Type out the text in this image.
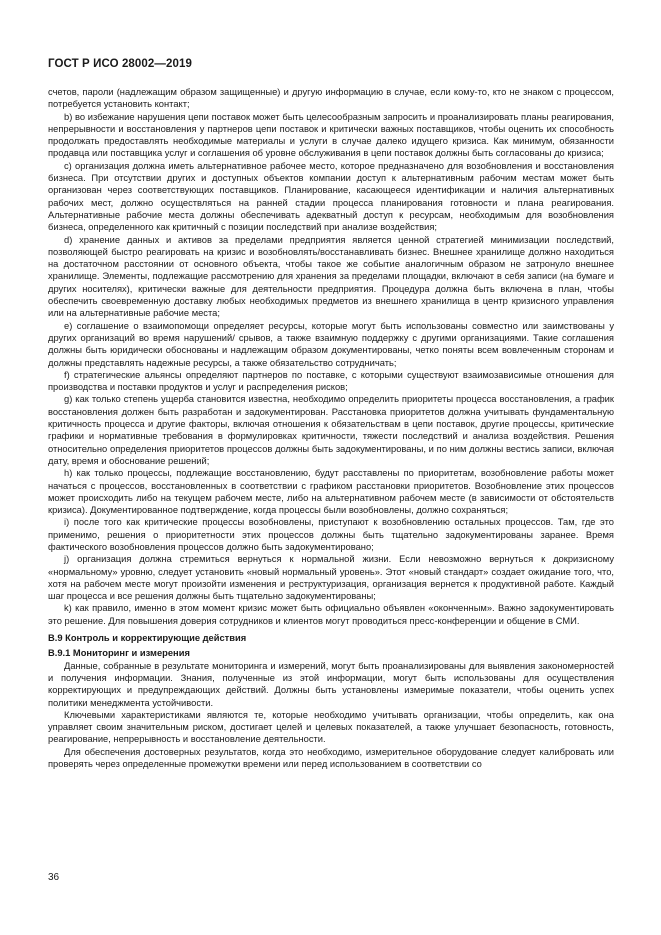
ГОСТ Р ИСО 28002—2019

счетов, пароли (надлежащим образом защищенные) и другую информацию в случае, если кому-то, кто не знаком с процессом, потребуется установить контакт;

b) во избежание нарушения цепи поставок может быть целесообразным запросить и проанализировать планы реагирования, непрерывности и восстановления у партнеров цепи поставок и критически важных поставщиков, чтобы оценить их способность продолжать предоставлять необходимые материалы и услуги в случае далеко идущего кризиса. Как минимум, обязанности продавца или поставщика услуг и соглашения об уровне обслуживания в цепи поставок должны быть согласованы до кризиса;

c) организация должна иметь альтернативное рабочее место, которое предназначено для возобновления и восстановления бизнеса. При отсутствии других и доступных объектов компании доступ к альтернативным рабочим местам может быть организован через соответствующих поставщиков. Планирование, касающееся идентификации и наличия альтернативных рабочих мест, должно осуществляться на ранней стадии процесса планирования готовности и плана реагирования. Альтернативные рабочие места должны обеспечивать адекватный доступ к ресурсам, необходимым для возобновления бизнеса, определенного как критичный с позиции последствий при анализе воздействия;

d) хранение данных и активов за пределами предприятия является ценной стратегией минимизации последствий, позволяющей быстро реагировать на кризис и возобновлять/восстанавливать бизнес. Внешнее хранилище должно находиться на достаточном расстоянии от основного объекта, чтобы такое же событие аналогичным образом не затронуло внешнее хранилище. Элементы, подлежащие рассмотрению для хранения за пределами площадки, включают в себя записи (на бумаге и других носителях), критически важные для деятельности предприятия. Процедура должна быть включена в план, чтобы обеспечить своевременную доставку любых необходимых предметов из внешнего хранилища в центр кризисного управления или на альтернативные рабочие места;

e) соглашение о взаимопомощи определяет ресурсы, которые могут быть использованы совместно или заимствованы у других организаций во время нарушений/ срывов, а также взаимную поддержку с другими организациями. Такие соглашения должны быть юридически обоснованы и надлежащим образом документированы, четко поняты всем вовлеченным сторонам и должны представлять надежные ресурсы, а также обязательство сотрудничать;

f) стратегические альянсы определяют партнеров по поставке, с которыми существуют взаимозависимые отношения для производства и поставки продуктов и услуг и распределения рисков;

g) как только степень ущерба становится известна, необходимо определить приоритеты процесса восстановления, а график восстановления должен быть разработан и задокументирован. Расстановка приоритетов должна учитывать фундаментальную критичность процесса и другие факторы, включая отношения к обязательствам в цепи поставок, другие процессы, критические графики и нормативные требования в формулировках критичности, тяжести последствий и анализа воздействия. Решения относительно определения приоритетов процессов должны быть задокументированы, и по ним должны вестись записи, включая дату, время и обоснование решений;

h) как только процессы, подлежащие восстановлению, будут расставлены по приоритетам, возобновление работы может начаться с процессов, восстановленных в соответствии с графиком расстановки приоритетов. Возобновление этих процессов может происходить либо на текущем рабочем месте, либо на альтернативном рабочем месте (в зависимости от обстоятельств кризиса). Документированное подтверждение, когда процессы были возобновлены, должно сохраняться;

i) после того как критические процессы возобновлены, приступают к возобновлению остальных процессов. Там, где это применимо, решения о приоритетности этих процессов должны быть тщательно задокументированы заранее. Время фактического возобновления процессов должно быть задокументировано;

j) организация должна стремиться вернуться к нормальной жизни. Если невозможно вернуться к докризисному «нормальному» уровню, следует установить «новый нормальный уровень». Этот «новый стандарт» создает ожидание того, что, хотя на рабочем месте могут произойти изменения и реструктуризация, организация вернется к продуктивной работе. Каждый шаг процесса и все решения должны быть тщательно задокументированы;

k) как правило, именно в этом момент кризис может быть официально объявлен «оконченным». Важно задокументировать это решение. Для повышения доверия сотрудников и клиентов могут проводиться пресс-конференции и общение в СМИ.

В.9 Контроль и корректирующие действия
В.9.1 Мониторинг и измерения

Данные, собранные в результате мониторинга и измерений, могут быть проанализированы для выявления закономерностей и получения информации. Знания, полученные из этой информации, могут быть использованы для осуществления корректирующих и предупреждающих действий. Должны быть установлены измеримые показатели, чтобы оценить успех политики менеджмента устойчивости.

Ключевыми характеристиками являются те, которые необходимо учитывать организации, чтобы определить, как она управляет своим значительным риском, достигает целей и целевых показателей, а также улучшает безопасность, готовность, реагирование, непрерывность и восстановление деятельности.

Для обеспечения достоверных результатов, когда это необходимо, измерительное оборудование следует калибровать или проверять через определенные промежутки времени или перед использованием в соответствии со

36
